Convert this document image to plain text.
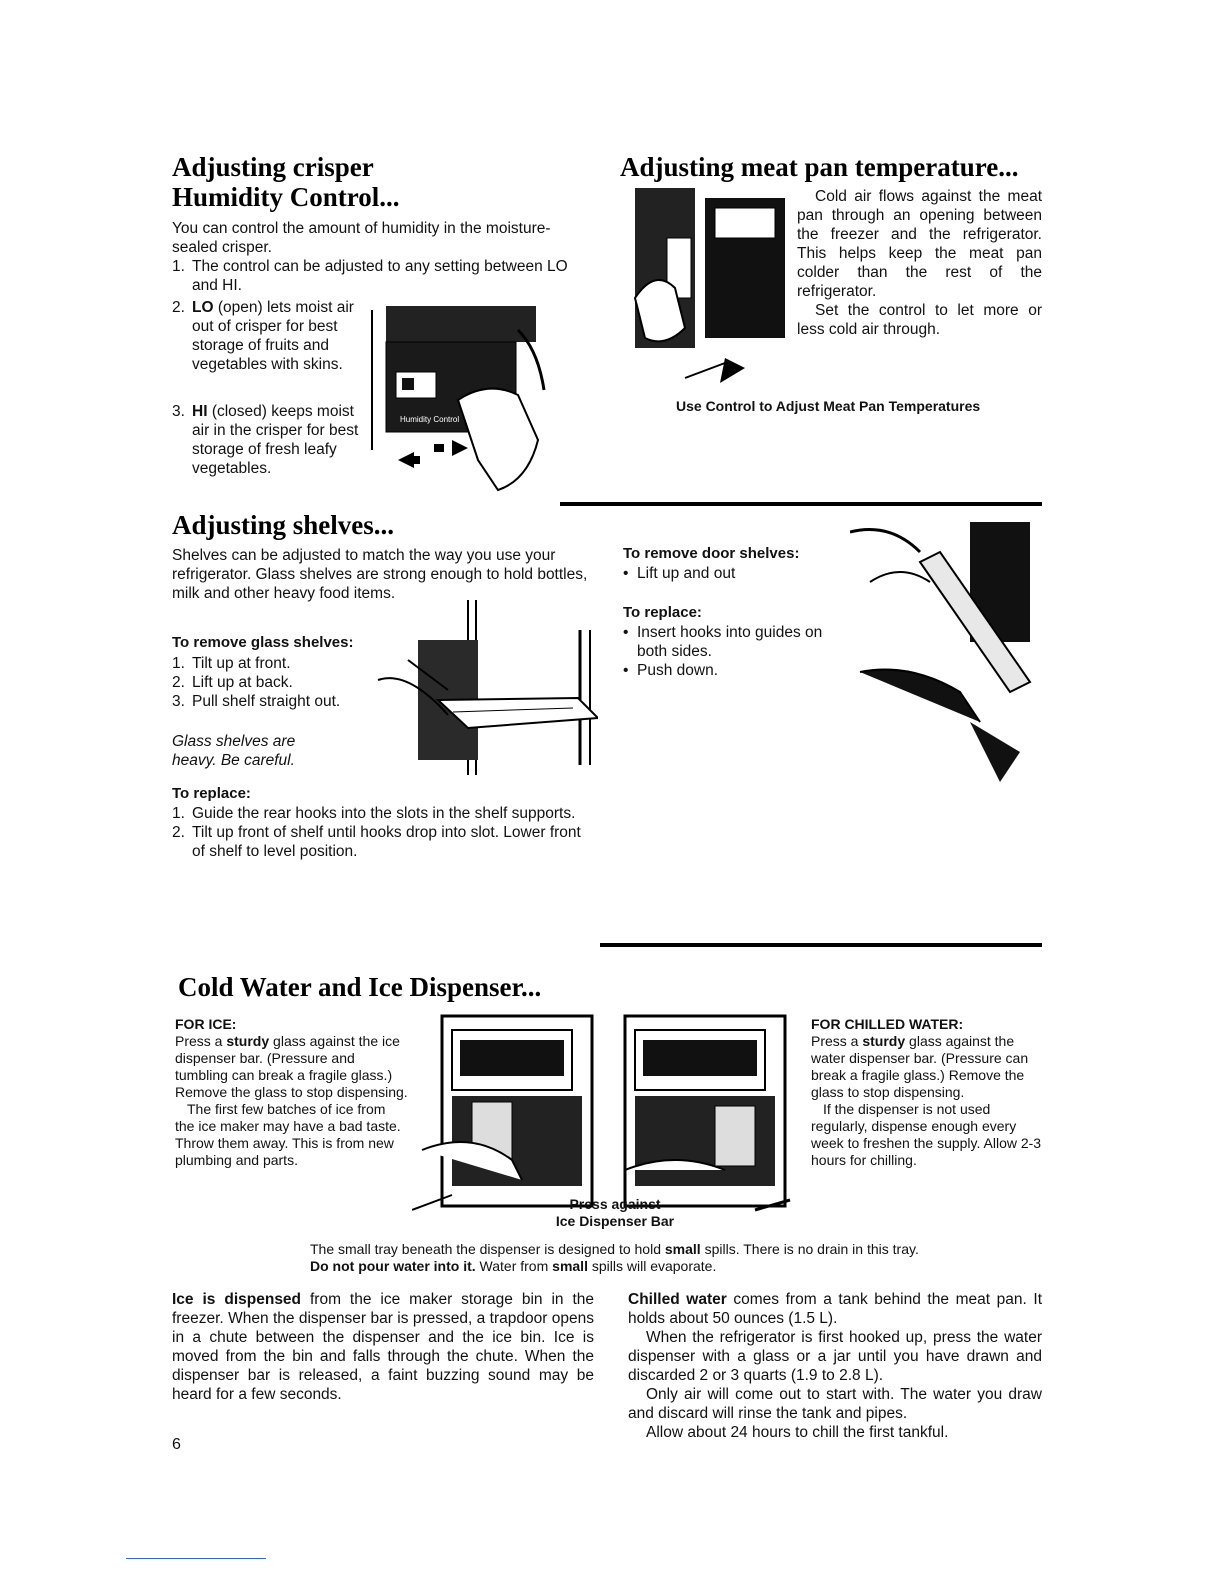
Adjusting crisper
Humidity Control...
You can control the amount of humidity in the moisture-sealed crisper.
1. The control can be adjusted to any setting between LO and HI.
2. LO (open) lets moist air out of crisper for best storage of fruits and vegetables with skins.
3. HI (closed) keeps moist air in the crisper for best storage of fresh leafy vegetables.
Humidity Control
Adjusting meat pan temperature...
Cold air flows against the meat pan through an opening between the freezer and the refrigerator. This helps keep the meat pan colder than the rest of the refrigerator.
Set the control to let more or less cold air through.
Use Control to Adjust Meat Pan Temperatures
Adjusting shelves...
Shelves can be adjusted to match the way you use your refrigerator. Glass shelves are strong enough to hold bottles, milk and other heavy food items.
To remove glass shelves:
1. Tilt up at front.
2. Lift up at back.
3. Pull shelf straight out.
Glass shelves are heavy. Be careful.
To replace:
1. Guide the rear hooks into the slots in the shelf supports.
2. Tilt up front of shelf until hooks drop into slot. Lower front of shelf to level position.
To remove door shelves:
• Lift up and out
To replace:
• Insert hooks into guides on both sides.
• Push down.
Cold Water and Ice Dispenser...
FOR ICE:
Press a sturdy glass against the ice dispenser bar. (Pressure and tumbling can break a fragile glass.) Remove the glass to stop dispensing.
The first few batches of ice from the ice maker may have a bad taste. Throw them away. This is from new plumbing and parts.
Press against
Ice Dispenser Bar
FOR CHILLED WATER:
Press a sturdy glass against the water dispenser bar. (Pressure can break a fragile glass.) Remove the glass to stop dispensing.
If the dispenser is not used regularly, dispense enough every week to freshen the supply. Allow 2-3 hours for chilling.
The small tray beneath the dispenser is designed to hold small spills. There is no drain in this tray. Do not pour water into it. Water from small spills will evaporate.
Ice is dispensed from the ice maker storage bin in the freezer. When the dispenser bar is pressed, a trapdoor opens in a chute between the dispenser and the ice bin. Ice is moved from the bin and falls through the chute. When the dispenser bar is released, a faint buzzing sound may be heard for a few seconds.
Chilled water comes from a tank behind the meat pan. It holds about 50 ounces (1.5 L).
When the refrigerator is first hooked up, press the water dispenser with a glass or a jar until you have drawn and discarded 2 or 3 quarts (1.9 to 2.8 L).
Only air will come out to start with. The water you draw and discard will rinse the tank and pipes.
Allow about 24 hours to chill the first tankful.
6
